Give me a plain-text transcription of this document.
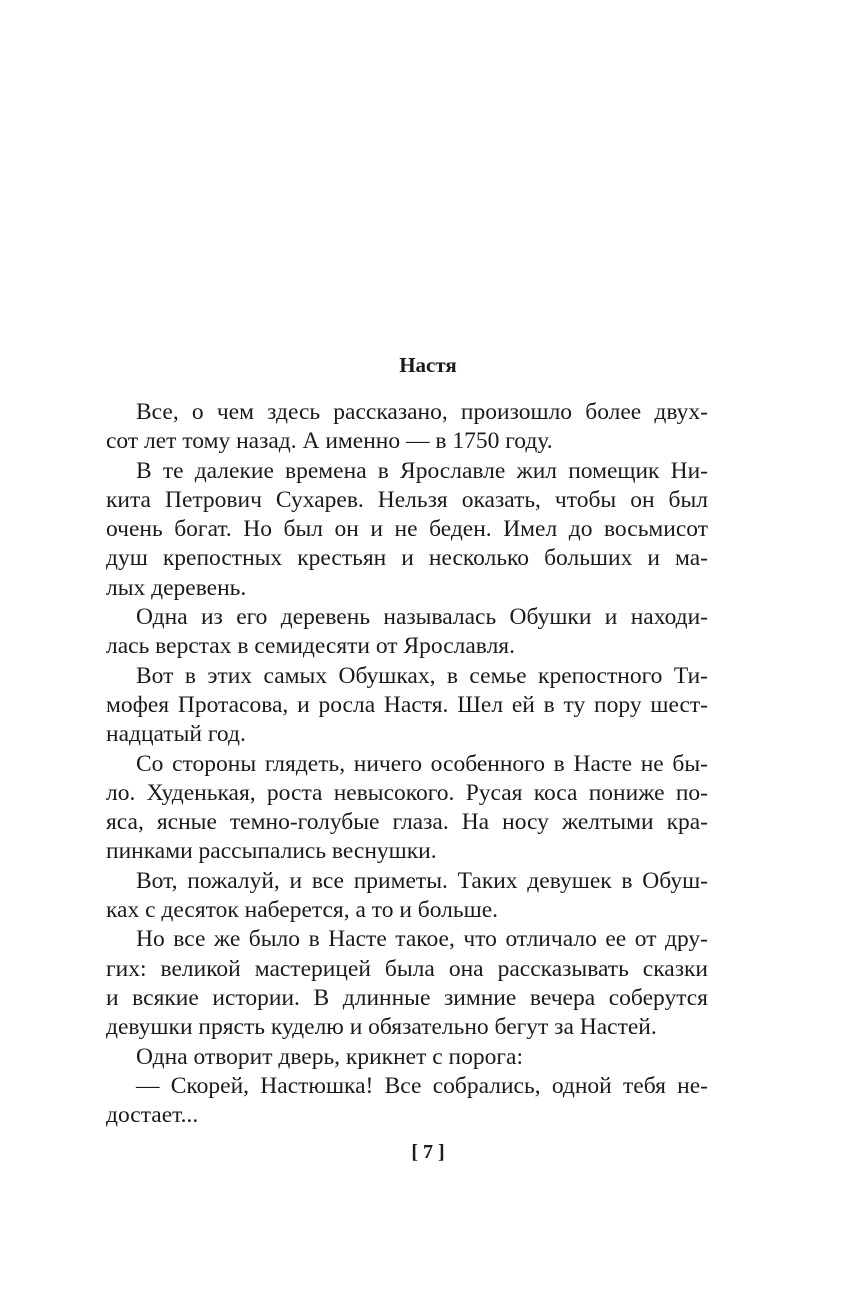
Настя
Все, о чем здесь рассказано, произошло более двух-
сот лет тому назад. А именно — в 1750 году.
В те далекие времена в Ярославле жил помещик Ни-
кита Петрович Сухарев. Нельзя оказать, чтобы он был
очень богат. Но был он и не беден. Имел до восьмисот
душ крепостных крестьян и несколько больших и ма-
лых деревень.
Одна из его деревень называлась Обушки и находи-
лась верстах в семидесяти от Ярославля.
Вот в этих самых Обушках, в семье крепостного Ти-
мофея Протасова, и росла Настя. Шел ей в ту пору шест-
надцатый год.
Со стороны глядеть, ничего особенного в Насте не бы-
ло. Худенькая, роста невысокого. Русая коса пониже по-
яса, ясные темно-голубые глаза. На носу желтыми кра-
пинками рассыпались веснушки.
Вот, пожалуй, и все приметы. Таких девушек в Обуш-
ках с десяток наберется, а то и больше.
Но все же было в Насте такое, что отличало ее от дру-
гих: великой мастерицей была она рассказывать сказки
и всякие истории. В длинные зимние вечера соберутся
девушки прясть куделю и обязательно бегут за Настей.
Одна отворит дверь, крикнет с порога:
— Скорей, Настюшка! Все собрались, одной тебя не-
достает...
[ 7 ]
